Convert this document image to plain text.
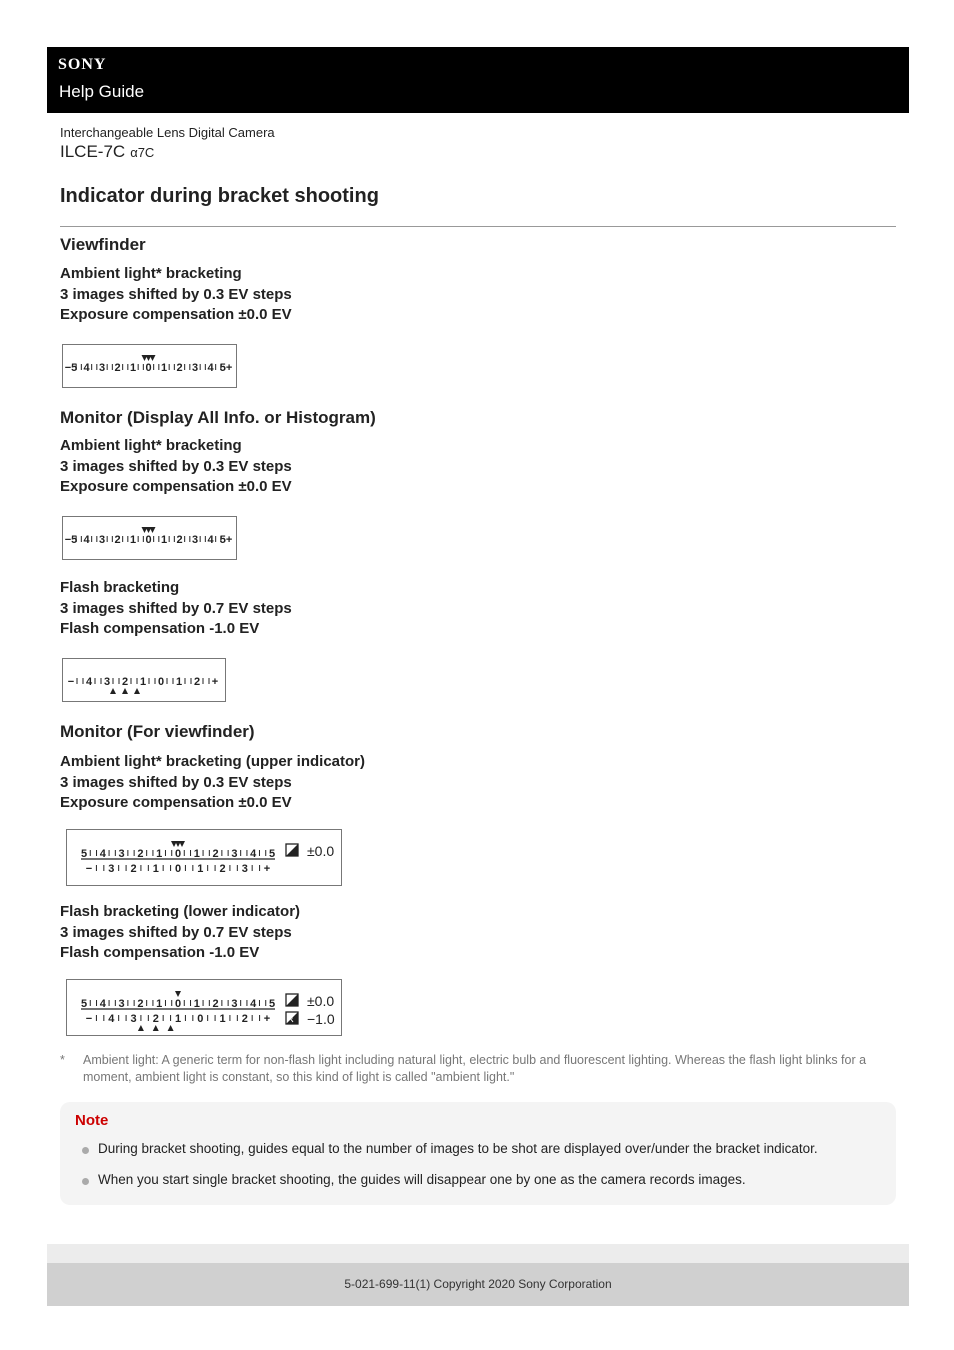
SONY
Help Guide
Interchangeable Lens Digital Camera
ILCE-7C α7C
Indicator during bracket shooting
Viewfinder
Ambient light* bracketing
3 images shifted by 0.3 EV steps
Exposure compensation ±0.0 EV
−5 4 3 2 1 0 1 2 3 4 5+
Monitor (Display All Info. or Histogram)
Ambient light* bracketing
3 images shifted by 0.3 EV steps
Exposure compensation ±0.0 EV
−5 4 3 2 1 0 1 2 3 4 5+
Flash bracketing
3 images shifted by 0.7 EV steps
Flash compensation -1.0 EV
− 4 3 2 1 0 1 2 +
Monitor (For viewfinder)
Ambient light* bracketing (upper indicator)
3 images shifted by 0.3 EV steps
Exposure compensation ±0.0 EV
5 4 3 2 1 0 1 2 3 4 5
− 3 2 1 0 1 2 3 +
±0.0
Flash bracketing (lower indicator)
3 images shifted by 0.7 EV steps
Flash compensation -1.0 EV
5 4 3 2 1 0 1 2 3 4 5
− 4 3 2 1 0 1 2 +
±0.0
−1.0
* Ambient light: A generic term for non-flash light including natural light, electric bulb and fluorescent lighting. Whereas the flash light blinks for a moment, ambient light is constant, so this kind of light is called "ambient light."
Note
During bracket shooting, guides equal to the number of images to be shot are displayed over/under the bracket indicator.
When you start single bracket shooting, the guides will disappear one by one as the camera records images.
5-021-699-11(1) Copyright 2020 Sony Corporation
